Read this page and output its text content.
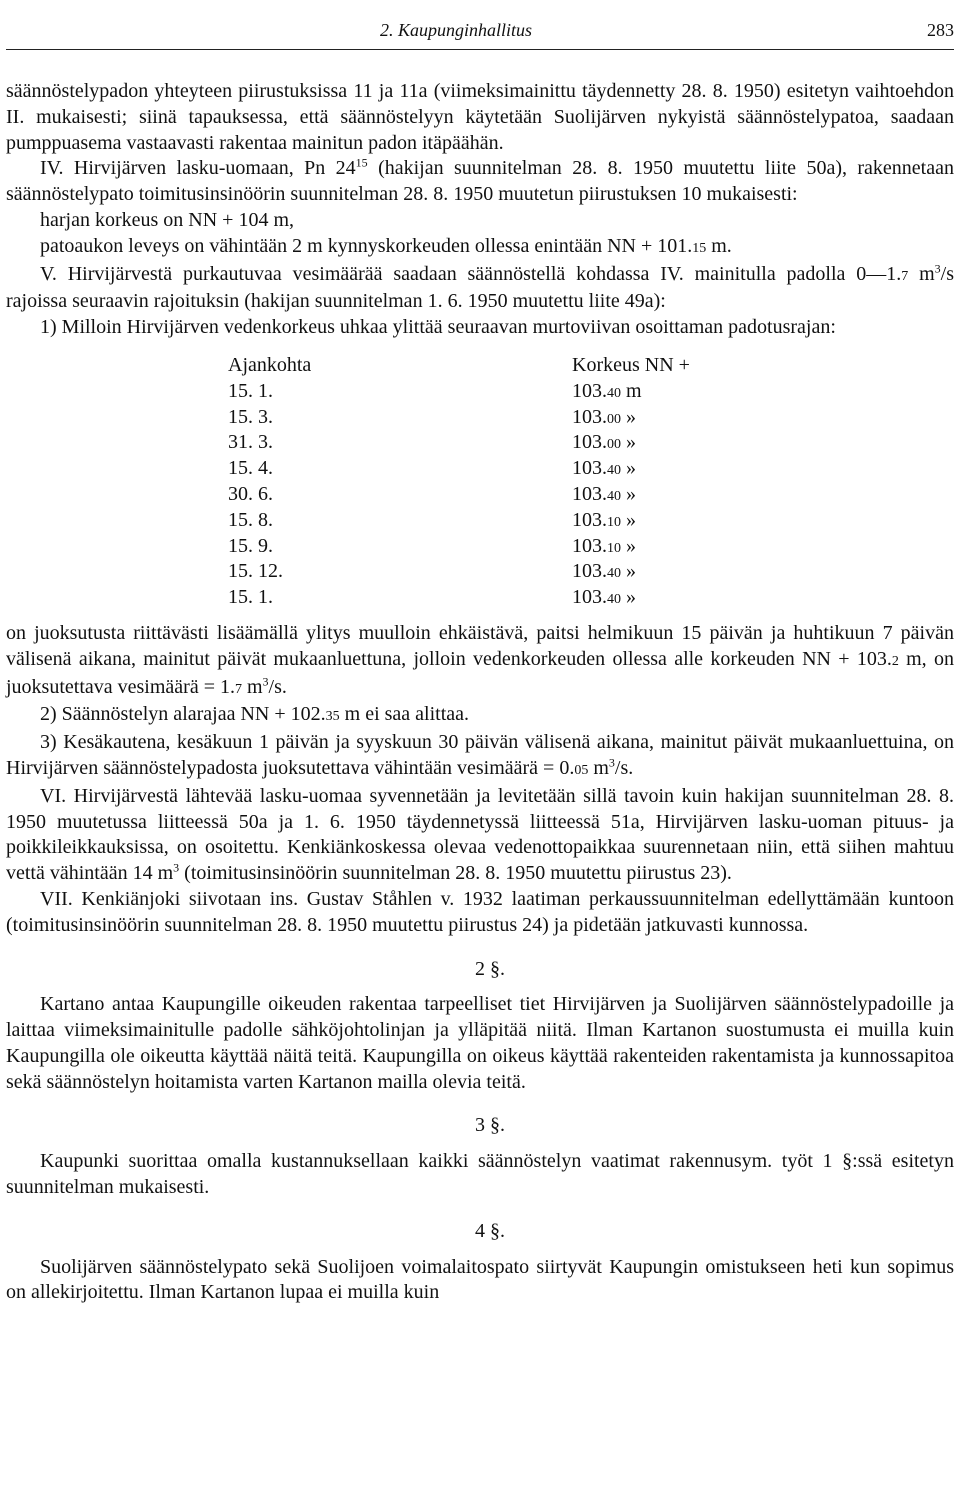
2. Kaupunginhallitus	283

säännöstelypadon yhteyteen piirustuksissa 11 ja 11a (viimeksimainittu täydennetty 28. 8. 1950) esitetyn vaihtoehdon II. mukaisesti; siinä tapauksessa, että säännöstelyyn käytetään Suolijärven nykyistä säännöstelypatoa, saadaan pumppuasema vastaavasti rakentaa mainitun padon itäpäähän.

IV. Hirvijärven lasku-uomaan, Pn $24^{15}$ (hakijan suunnitelman 28. 8. 1950 muutettu liite 50a), rakennetaan säännöstelypato toimitusinsinöörin suunnitelman 28. 8. 1950 muutetun piirustuksen 10 mukaisesti:

harjan korkeus on NN + 104 m,

patoaukon leveys on vähintään 2 m kynnyskorkeuden ollessa enintään NN + 101.15 m.

V. Hirvijärvestä purkautuvaa vesimäärää saadaan säännöstellä kohdassa IV. mainitulla padolla 0—1.7 $m^3/s$ rajoissa seuraavin rajoituksin (hakijan suunnitelman 1. 6. 1950 muutettu liite 49a):

1) Milloin Hirvijärven vedenkorkeus uhkaa ylittää seuraavan murtoviivan osoittaman padotusrajan:

Ajankohta	Korkeus NN +
15. 1.	103.40 m
15. 3.	103.00 »
31. 3.	103.00 »
15. 4.	103.40 »
30. 6.	103.40 »
15. 8.	103.10 »
15. 9.	103.10 »
15. 12.	103.40 »
15. 1.	103.40 »

on juoksutusta riittävästi lisäämällä ylitys muulloin ehkäistävä, paitsi helmikuun 15 päivän ja huhtikuun 7 päivän välisenä aikana, mainitut päivät mukaanluettuna, jolloin vedenkorkeuden ollessa alle korkeuden NN + 103.2 m, on juoksutettava vesimäärä = 1.7 $m^3/s$.

2) Säännöstelyn alarajaa NN + 102.35 m ei saa alittaa.

3) Kesäkautena, kesäkuun 1 päivän ja syyskuun 30 päivän välisenä aikana, mainitut päivät mukaanluettuina, on Hirvijärven säännöstelypadosta juoksutettava vähintään vesimäärä = 0.05 $m^3/s$.

VI. Hirvijärvestä lähtevää lasku-uomaa syvennetään ja levitetään sillä tavoin kuin hakijan suunnitelman 28. 8. 1950 muutetussa liitteessä 50a ja 1. 6. 1950 täydennetyssä liitteessä 51a, Hirvijärven lasku-uoman pituus- ja poikkileikkauksissa, on osoitettu. Kenkiänkoskessa olevaa vedenottopaikkaa suurennetaan niin, että siihen mahtuu vettä vähintään 14 $m^3$ (toimitusinsinöörin suunnitelman 28. 8. 1950 muutettu piirustus 23).

VII. Kenkiänjoki siivotaan ins. Gustav Ståhlen v. 1932 laatiman perkaussuunnitelman edellyttämään kuntoon (toimitusinsinöörin suunnitelman 28. 8. 1950 muutettu piirustus 24) ja pidetään jatkuvasti kunnossa.

2 §.

Kartano antaa Kaupungille oikeuden rakentaa tarpeelliset tiet Hirvijärven ja Suolijärven säännöstelypadoille ja laittaa viimeksimainitulle padolle sähköjohtolinjan ja ylläpitää niitä. Ilman Kartanon suostumusta ei muilla kuin Kaupungilla ole oikeutta käyttää näitä teitä. Kaupungilla on oikeus käyttää rakenteiden rakentamista ja kunnossapitoa sekä säännöstelyn hoitamista varten Kartanon mailla olevia teitä.

3 §.

Kaupunki suorittaa omalla kustannuksellaan kaikki säännöstelyn vaatimat rakennusym. työt 1 §:ssä esitetyn suunnitelman mukaisesti.

4 §.

Suolijärven säännöstelypato sekä Suolijoen voimalaitospato siirtyvät Kaupungin omistukseen heti kun sopimus on allekirjoitettu. Ilman Kartanon lupaa ei muilla kuin
